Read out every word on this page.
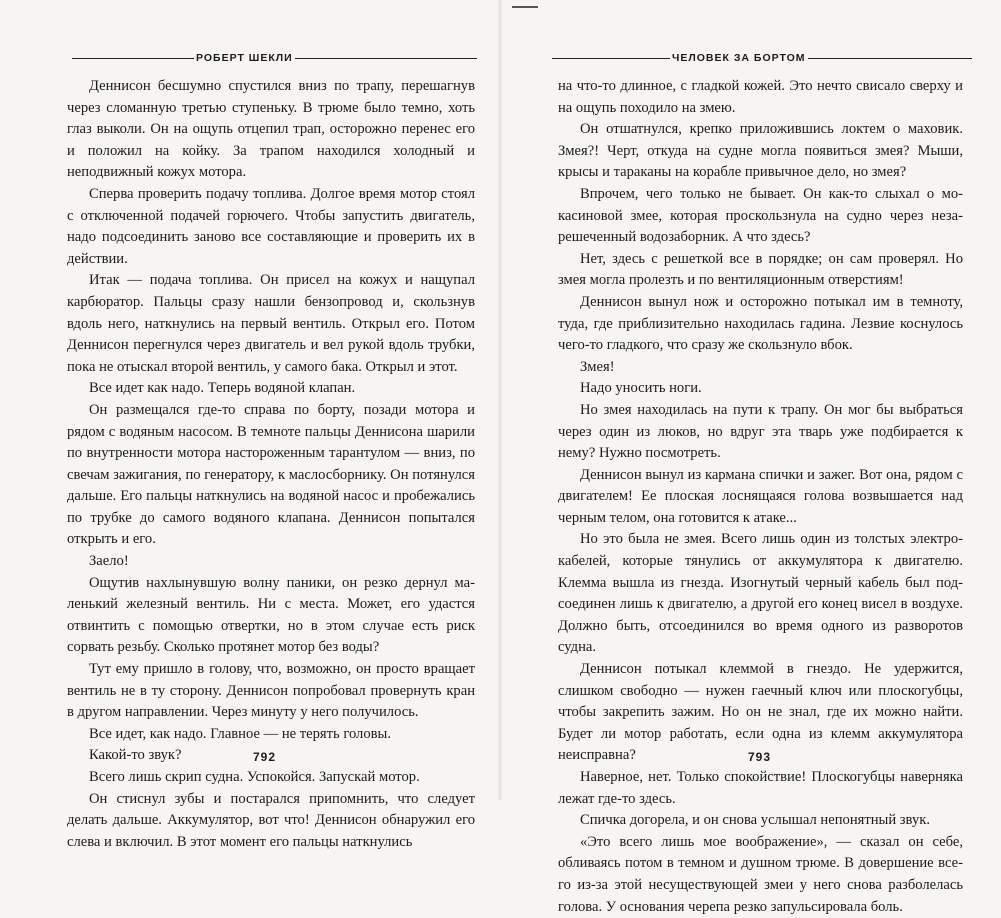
РОБЕРТ ШЕКЛИ

Деннисон бесшумно спустился вниз по трапу, перешагнув через сломанную третью ступеньку. В трюме было темно, хоть глаз выколи. Он на ощупь отцепил трап, осторожно перенес его и положил на койку. За трапом находился холодный и неподвижный кожух мотора.

Сперва проверить подачу топлива. Долгое время мотор стоял с отключенной подачей горючего. Чтобы запустить двигатель, надо подсоединить заново все составляющие и проверить их в действии.

Итак — подача топлива. Он присел на кожух и нащупал карбюратор. Пальцы сразу нашли бензопровод и, скользнув вдоль него, наткнулись на первый вентиль. Открыл его. Потом Деннисон перегнулся через двигатель и вел рукой вдоль трубки, пока не отыскал второй вентиль, у самого бака. Открыл и этот.

Все идет как надо. Теперь водяной клапан.

Он размещался где-то справа по борту, позади мотора и рядом с водяным насосом. В темноте пальцы Деннисона шарили по внутренности мотора настороженным тарантулом — вниз, по свечам зажигания, по генератору, к маслосборнику. Он потянулся дальше. Его пальцы наткнулись на водяной насос и пробежались по трубке до самого водяного клапана. Деннисон попытался открыть и его.

Заело!

Ощутив нахлынувшую волну паники, он резко дернул маленький железный вентиль. Ни с места. Может, его удастся отвинтить с помощью отвертки, но в этом случае есть риск сорвать резьбу. Сколько протянет мотор без воды?

Тут ему пришло в голову, что, возможно, он просто вращает вентиль не в ту сторону. Деннисон попробовал провернуть кран в другом направлении. Через минуту у него получилось.

Все идет, как надо. Главное — не терять головы.

Какой-то звук?

Всего лишь скрип судна. Успокойся. Запускай мотор.

Он стиснул зубы и постарался припомнить, что следует делать дальше. Аккумулятор, вот что! Деннисон обнаружил его слева и включил. В этот момент его пальцы наткнулись

792
ЧЕЛОВЕК ЗА БОРТОМ

на что-то длинное, с гладкой кожей. Это нечто свисало сверху и на ощупь походило на змею.

Он отшатнулся, крепко приложившись локтем о маховик. Змея?! Черт, откуда на судне могла появиться змея? Мыши, крысы и тараканы на корабле привычное дело, но змея?

Впрочем, чего только не бывает. Он как-то слыхал о мокасиновой змее, которая проскользнула на судно через незарешеченный водозаборник. А что здесь?

Нет, здесь с решеткой все в порядке; он сам проверял. Но змея могла пролезть и по вентиляционным отверстиям!

Деннисон вынул нож и осторожно потыкал им в темноту, туда, где приблизительно находилась гадина. Лезвие коснулось чего-то гладкого, что сразу же скользнуло вбок.

Змея!

Надо уносить ноги.

Но змея находилась на пути к трапу. Он мог бы выбраться через один из люков, но вдруг эта тварь уже подбирается к нему? Нужно посмотреть.

Деннисон вынул из кармана спички и зажег. Вот она, рядом с двигателем! Ее плоская лоснящаяся голова возвышается над черным телом, она готовится к атаке...

Но это была не змея. Всего лишь один из толстых электрокабелей, которые тянулись от аккумулятора к двигателю. Клемма вышла из гнезда. Изогнутый черный кабель был подсоединен лишь к двигателю, а другой его конец висел в воздухе. Должно быть, отсоединился во время одного из разворотов судна.

Деннисон потыкал клеммой в гнездо. Не удержится, слишком свободно — нужен гаечный ключ или плоскогубцы, чтобы закрепить зажим. Но он не знал, где их можно найти. Будет ли мотор работать, если одна из клемм аккумулятора неисправна?

Наверное, нет. Только спокойствие! Плоскогубцы наверняка лежат где-то здесь.

Спичка догорела, и он снова услышал непонятный звук.

«Это всего лишь мое воображение», — сказал он себе, обливаясь потом в темном и душном трюме. В довершение всего из-за этой несуществующей змеи у него снова разболелась голова. У основания черепа резко запульсировала боль.

793
